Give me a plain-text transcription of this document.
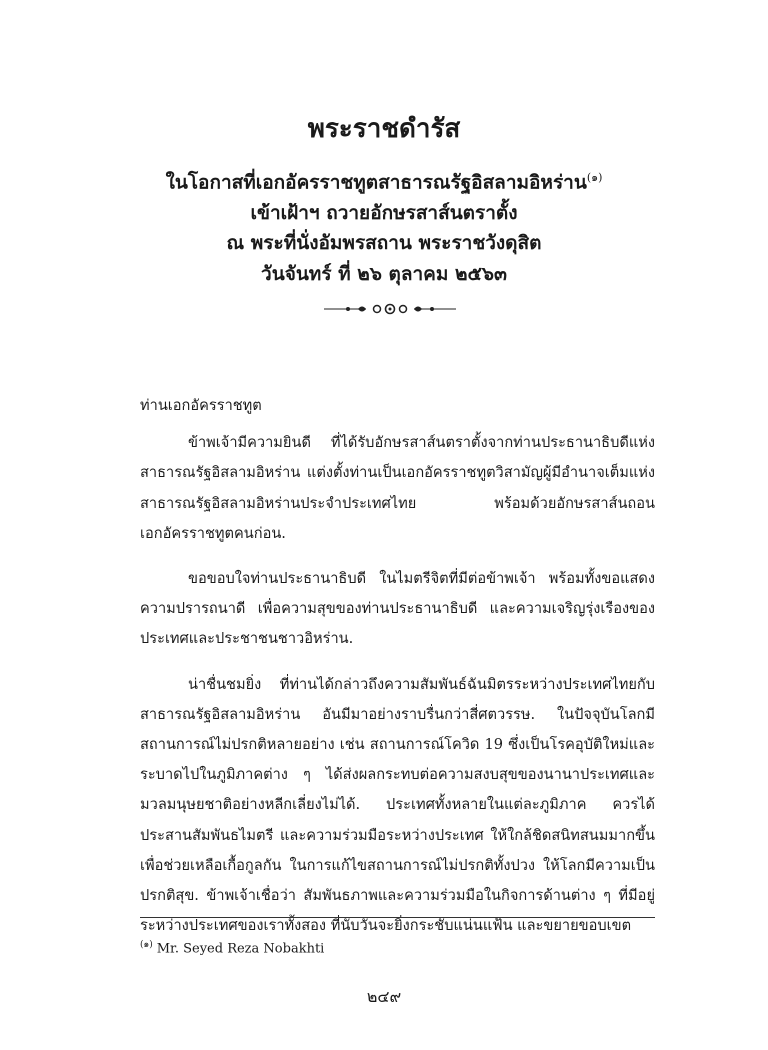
พระราชดำรัส
ในโอกาสที่เอกอัครราชทูตสาธารณรัฐอิสลามอิหร่าน$^{(๑)}$
เข้าเฝ้าฯ ถวายอักษรสาส์นตราตั้ง
ณ พระที่นั่งอัมพรสถาน พระราชวังดุสิต
วันจันทร์ ที่ ๒๖ ตุลาคม ๒๕๖๓

ท่านเอกอัครราชทูต

ข้าพเจ้ามีความยินดี ที่ได้รับอักษรสาส์นตราตั้งจากท่านประธานาธิบดีแห่งสาธารณรัฐอิสลามอิหร่าน แต่งตั้งท่านเป็นเอกอัครราชทูตวิสามัญผู้มีอำนาจเต็มแห่งสาธารณรัฐอิสลามอิหร่านประจำประเทศไทย พร้อมด้วยอักษรสาส์นถอนเอกอัครราชทูตคนก่อน.

ขอขอบใจท่านประธานาธิบดี ในไมตรีจิตที่มีต่อข้าพเจ้า พร้อมทั้งขอแสดงความปรารถนาดี เพื่อความสุขของท่านประธานาธิบดี และความเจริญรุ่งเรืองของประเทศและประชาชนชาวอิหร่าน.

น่าชื่นชมยิ่ง ที่ท่านได้กล่าวถึงความสัมพันธ์ฉันมิตรระหว่างประเทศไทยกับสาธารณรัฐอิสลามอิหร่าน อันมีมาอย่างราบรื่นกว่าสี่ศตวรรษ. ในปัจจุบันโลกมีสถานการณ์ไม่ปรกติหลายอย่าง เช่น สถานการณ์โควิด 19 ซึ่งเป็นโรคอุบัติใหม่และระบาดไปในภูมิภาคต่าง ๆ ได้ส่งผลกระทบต่อความสงบสุขของนานาประเทศและมวลมนุษยชาติอย่างหลีกเลี่ยงไม่ได้. ประเทศทั้งหลายในแต่ละภูมิภาค ควรได้ประสานสัมพันธไมตรี และความร่วมมือระหว่างประเทศ ให้ใกล้ชิดสนิทสนมมากขึ้นเพื่อช่วยเหลือเกื้อกูลกัน ในการแก้ไขสถานการณ์ไม่ปรกติทั้งปวง ให้โลกมีความเป็นปรกติสุข. ข้าพเจ้าเชื่อว่า สัมพันธภาพและความร่วมมือในกิจการด้านต่าง ๆ ที่มีอยู่ระหว่างประเทศของเราทั้งสอง ที่นับวันจะยิ่งกระชับแน่นแฟ้น และขยายขอบเขต

$^{(๑)}$ Mr. Seyed Reza Nobakhti
๒๔๙
